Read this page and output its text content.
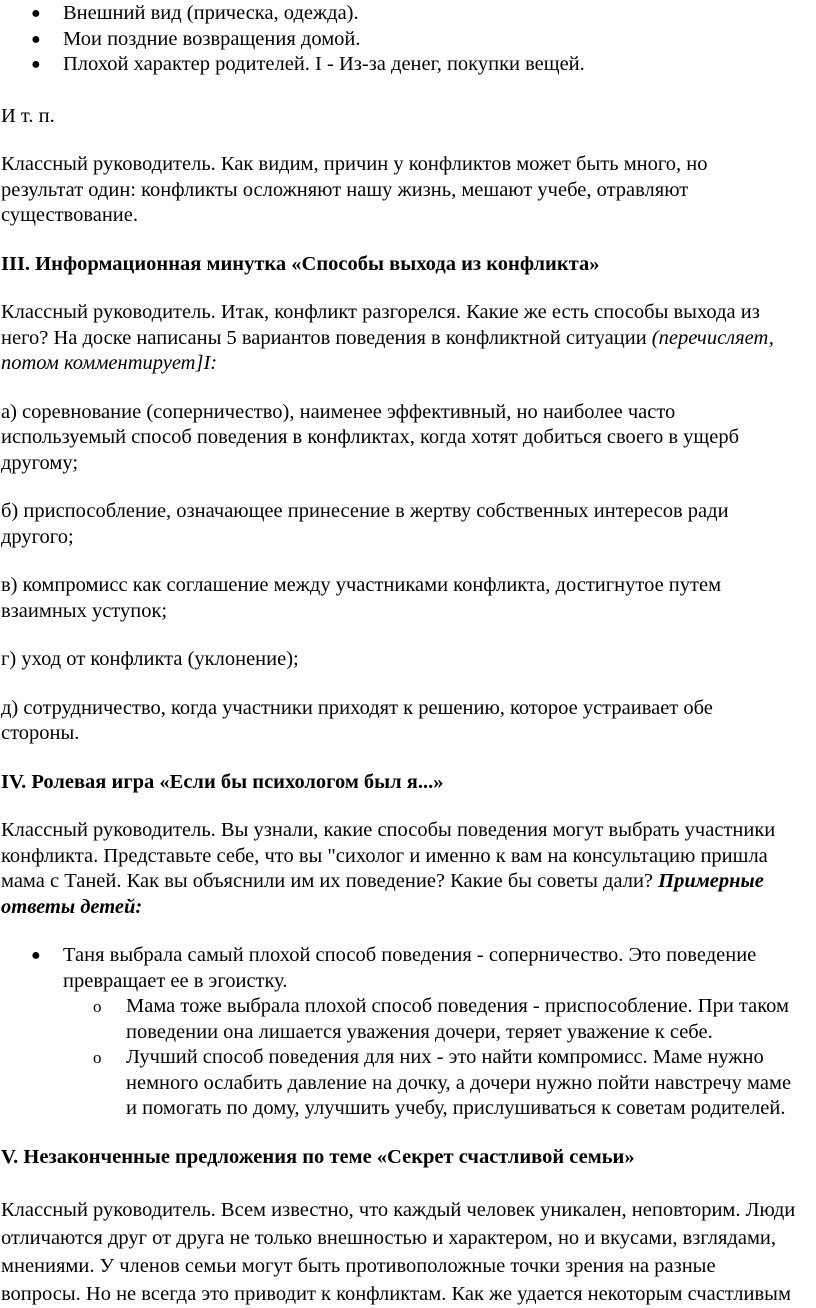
● Внешний вид (прическа, одежда).
● Мои поздние возвращения домой.
● Плохой характер родителей. I - Из-за денег, покупки вещей.

И т. п.

Классный руководитель. Как видим, причин у конфликтов может быть много, но
результат один: конфликты осложняют нашу жизнь, мешают учебе, отравляют
существование.

III. Информационная минутка «Способы выхода из конфликта»

Классный руководитель. Итак, конфликт разгорелся. Какие же есть способы выхода из
него? На доске написаны 5 вариантов поведения в конфликтной ситуации (перечисляет,
потом комментирует]I:

а) соревнование (соперничество), наименее эффективный, но наиболее часто
используемый способ поведения в конфликтах, когда хотят добиться своего в ущерб
другому;

б) приспособление, означающее принесение в жертву собственных интересов ради
другого;

в) компромисс как соглашение между участниками конфликта, достигнутое путем
взаимных уступок;

г) уход от конфликта (уклонение);

д) сотрудничество, когда участники приходят к решению, которое устраивает обе
стороны.

IV. Ролевая игра «Если бы психологом был я...»

Классный руководитель. Вы узнали, какие способы поведения могут выбрать участники
конфликта. Представьте себе, что вы "сихолог и именно к вам на консультацию пришла
мама с Таней. Как вы объяснили им их поведение? Какие бы советы дали? Примерные
ответы детей:

● Таня выбрала самый плохой способ поведения - соперничество. Это поведение
превращает ее в эгоистку.
o Мама тоже выбрала плохой способ поведения - приспособление. При таком
поведении она лишается уважения дочери, теряет уважение к себе.
o Лучший способ поведения для них - это найти компромисс. Маме нужно
немного ослабить давление на дочку, а дочери нужно пойти навстречу маме
и помогать по дому, улучшить учебу, прислушиваться к советам родителей.
V. Незаконченные предложения по теме «Секрет счастливой семьи»

Классный руководитель. Всем известно, что каждый человек уникален, неповторим. Люди
отличаются друг от друга не только внешностью и характером, но и вкусами, взглядами,
мнениями. У членов семьи могут быть противоположные точки зрения на разные
вопросы. Но не всегда это приводит к конфликтам. Как же удается некоторым счастливым
